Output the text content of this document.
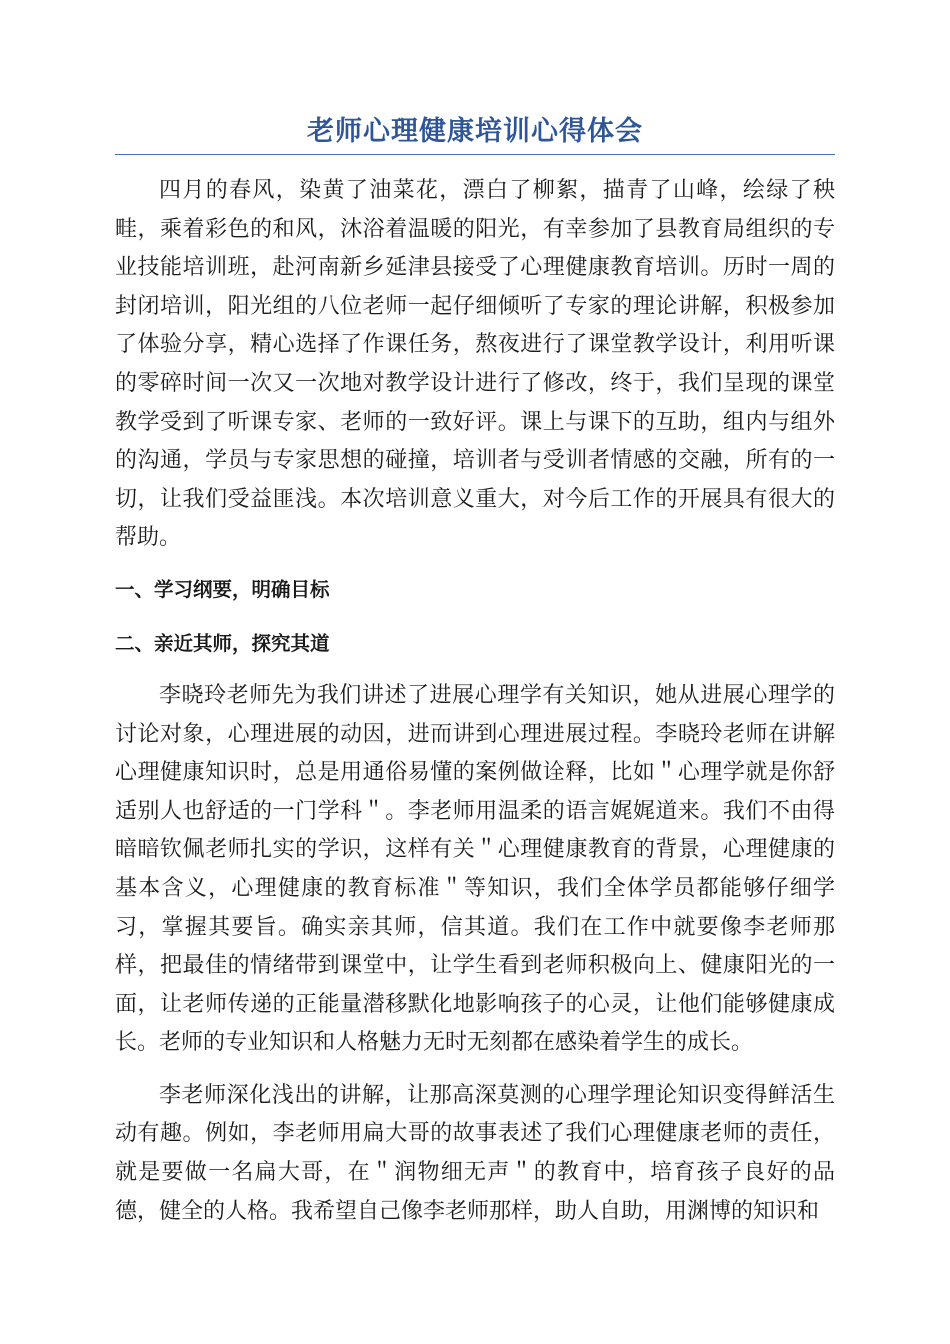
老师心理健康培训心得体会

四月的春风，染黄了油菜花，漂白了柳絮，描青了山峰，绘绿了秧畦，乘着彩色的和风，沐浴着温暖的阳光，有幸参加了县教育局组织的专业技能培训班，赴河南新乡延津县接受了心理健康教育培训。历时一周的封闭培训，阳光组的八位老师一起仔细倾听了专家的理论讲解，积极参加了体验分享，精心选择了作课任务，熬夜进行了课堂教学设计，利用听课的零碎时间一次又一次地对教学设计进行了修改，终于，我们呈现的课堂教学受到了听课专家、老师的一致好评。课上与课下的互助，组内与组外的沟通，学员与专家思想的碰撞，培训者与受训者情感的交融，所有的一切，让我们受益匪浅。本次培训意义重大，对今后工作的开展具有很大的帮助。

一、学习纲要，明确目标

二、亲近其师，探究其道

李晓玲老师先为我们讲述了进展心理学有关知识，她从进展心理学的讨论对象，心理进展的动因，进而讲到心理进展过程。李晓玲老师在讲解心理健康知识时，总是用通俗易懂的案例做诠释，比如＂心理学就是你舒适别人也舒适的一门学科＂。李老师用温柔的语言娓娓道来。我们不由得暗暗钦佩老师扎实的学识，这样有关＂心理健康教育的背景，心理健康的基本含义，心理健康的教育标准＂等知识，我们全体学员都能够仔细学习，掌握其要旨。确实亲其师，信其道。我们在工作中就要像李老师那样，把最佳的情绪带到课堂中，让学生看到老师积极向上、健康阳光的一面，让老师传递的正能量潜移默化地影响孩子的心灵，让他们能够健康成长。老师的专业知识和人格魅力无时无刻都在感染着学生的成长。

李老师深化浅出的讲解，让那高深莫测的心理学理论知识变得鲜活生动有趣。例如，李老师用扁大哥的故事表述了我们心理健康老师的责任，就是要做一名扁大哥，在＂润物细无声＂的教育中，培育孩子良好的品德，健全的人格。我希望自己像李老师那样，助人自助，用渊博的知识和
